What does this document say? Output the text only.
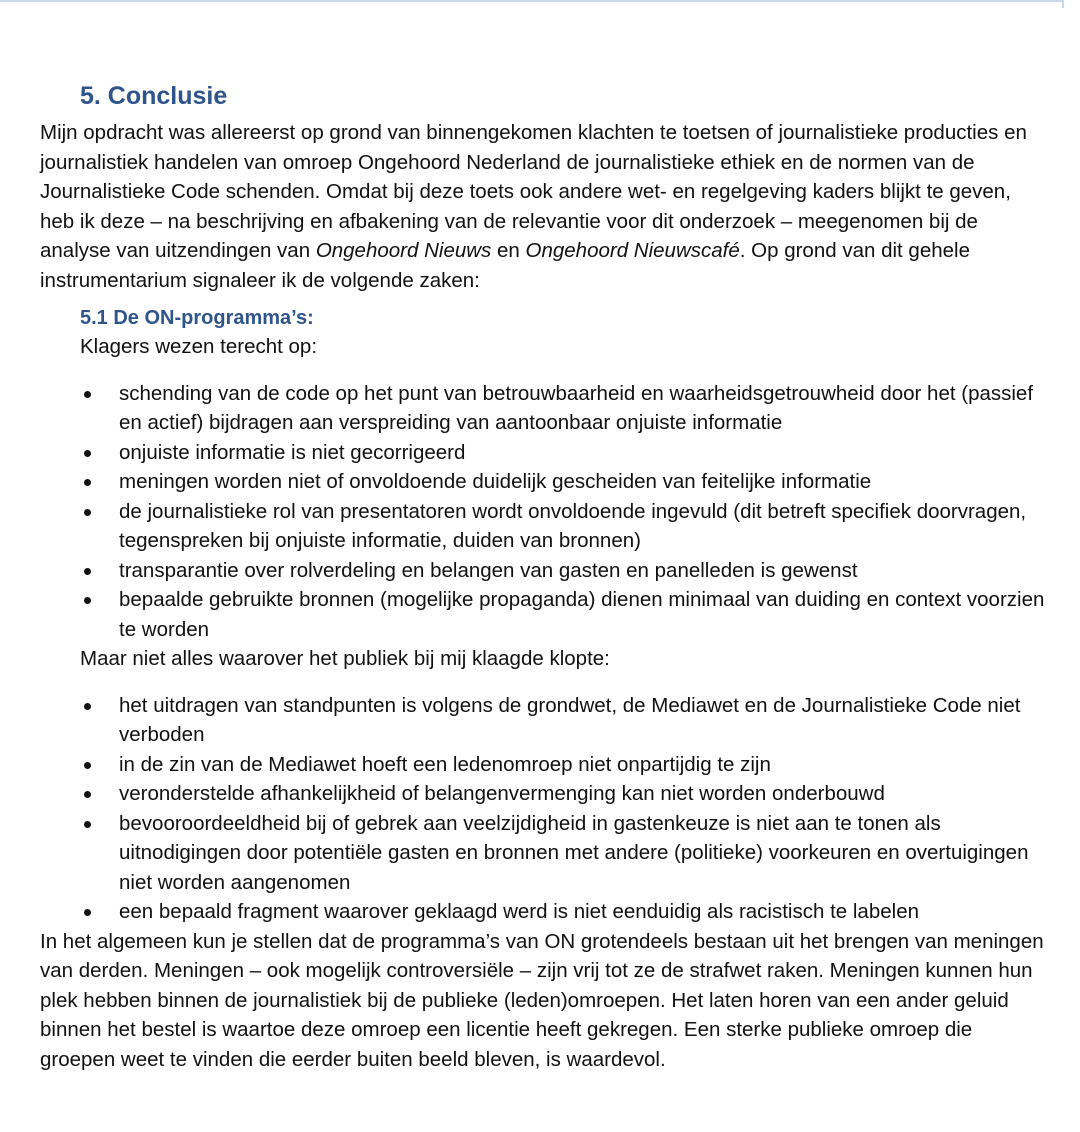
5. Conclusie

Mijn opdracht was allereerst op grond van binnengekomen klachten te toetsen of journalistieke producties en journalistiek handelen van omroep Ongehoord Nederland de journalistieke ethiek en de normen van de Journalistieke Code schenden. Omdat bij deze toets ook andere wet- en regelgeving kaders blijkt te geven, heb ik deze – na beschrijving en afbakening van de relevantie voor dit onderzoek – meegenomen bij de analyse van uitzendingen van Ongehoord Nieuws en Ongehoord Nieuwscafé. Op grond van dit gehele instrumentarium signaleer ik de volgende zaken:

5.1 De ON-programma’s:

Klagers wezen terecht op:

schending van de code op het punt van betrouwbaarheid en waarheidsgetrouwheid door het (passief en actief) bijdragen aan verspreiding van aantoonbaar onjuiste informatie
onjuiste informatie is niet gecorrigeerd
meningen worden niet of onvoldoende duidelijk gescheiden van feitelijke informatie
de journalistieke rol van presentatoren wordt onvoldoende ingevuld (dit betreft specifiek doorvragen, tegenspreken bij onjuiste informatie, duiden van bronnen)
transparantie over rolverdeling en belangen van gasten en panelleden is gewenst
bepaalde gebruikte bronnen (mogelijke propaganda) dienen minimaal van duiding en context voorzien te worden

Maar niet alles waarover het publiek bij mij klaagde klopte:

het uitdragen van standpunten is volgens de grondwet, de Mediawet en de Journalistieke Code niet verboden
in de zin van de Mediawet hoeft een ledenomroep niet onpartijdig te zijn
veronderstelde afhankelijkheid of belangenvermenging kan niet worden onderbouwd
bevooroordeeldheid bij of gebrek aan veelzijdigheid in gastenkeuze is niet aan te tonen als uitnodigingen door potentiële gasten en bronnen met andere (politieke) voorkeuren en overtuigingen niet worden aangenomen
een bepaald fragment waarover geklaagd werd is niet eenduidig als racistisch te labelen

In het algemeen kun je stellen dat de programma’s van ON grotendeels bestaan uit het brengen van meningen van derden. Meningen – ook mogelijk controversiële – zijn vrij tot ze de strafwet raken. Meningen kunnen hun plek hebben binnen de journalistiek bij de publieke (leden)omroepen. Het laten horen van een ander geluid binnen het bestel is waartoe deze omroep een licentie heeft gekregen. Een sterke publieke omroep die groepen weet te vinden die eerder buiten beeld bleven, is waardevol.
